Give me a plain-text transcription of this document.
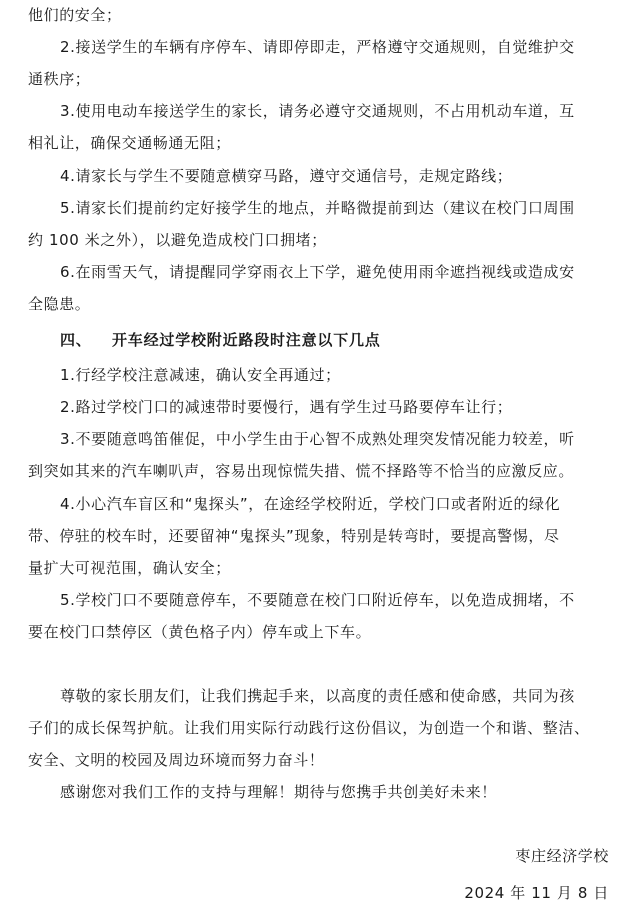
他们的安全；
2.接送学生的车辆有序停车、请即停即走，严格遵守交通规则，自觉维护交
通秩序；
3.使用电动车接送学生的家长，请务必遵守交通规则，不占用机动车道，互
相礼让，确保交通畅通无阻；
4.请家长与学生不要随意横穿马路，遵守交通信号，走规定路线；
5.请家长们提前约定好接学生的地点，并略微提前到达（建议在校门口周围
约 100 米之外），以避免造成校门口拥堵；
6.在雨雪天气，请提醒同学穿雨衣上下学，避免使用雨伞遮挡视线或造成安
全隐患。
四、 开车经过学校附近路段时注意以下几点
1.行经学校注意减速，确认安全再通过；
2.路过学校门口的减速带时要慢行，遇有学生过马路要停车让行；
3.不要随意鸣笛催促，中小学生由于心智不成熟处理突发情况能力较差，听
到突如其来的汽车喇叭声，容易出现惊慌失措、慌不择路等不恰当的应激反应。
4.小心汽车盲区和“鬼探头”，在途经学校附近，学校门口或者附近的绿化
带、停驻的校车时，还要留神“鬼探头”现象，特别是转弯时，要提高警惕，尽
量扩大可视范围，确认安全；
5.学校门口不要随意停车，不要随意在校门口附近停车，以免造成拥堵，不
要在校门口禁停区（黄色格子内）停车或上下车。
尊敬的家长朋友们，让我们携起手来，以高度的责任感和使命感，共同为孩
子们的成长保驾护航。让我们用实际行动践行这份倡议，为创造一个和谐、整洁、
安全、文明的校园及周边环境而努力奋斗！
感谢您对我们工作的支持与理解！期待与您携手共创美好未来！
枣庄经济学校
2024 年 11 月 8 日
